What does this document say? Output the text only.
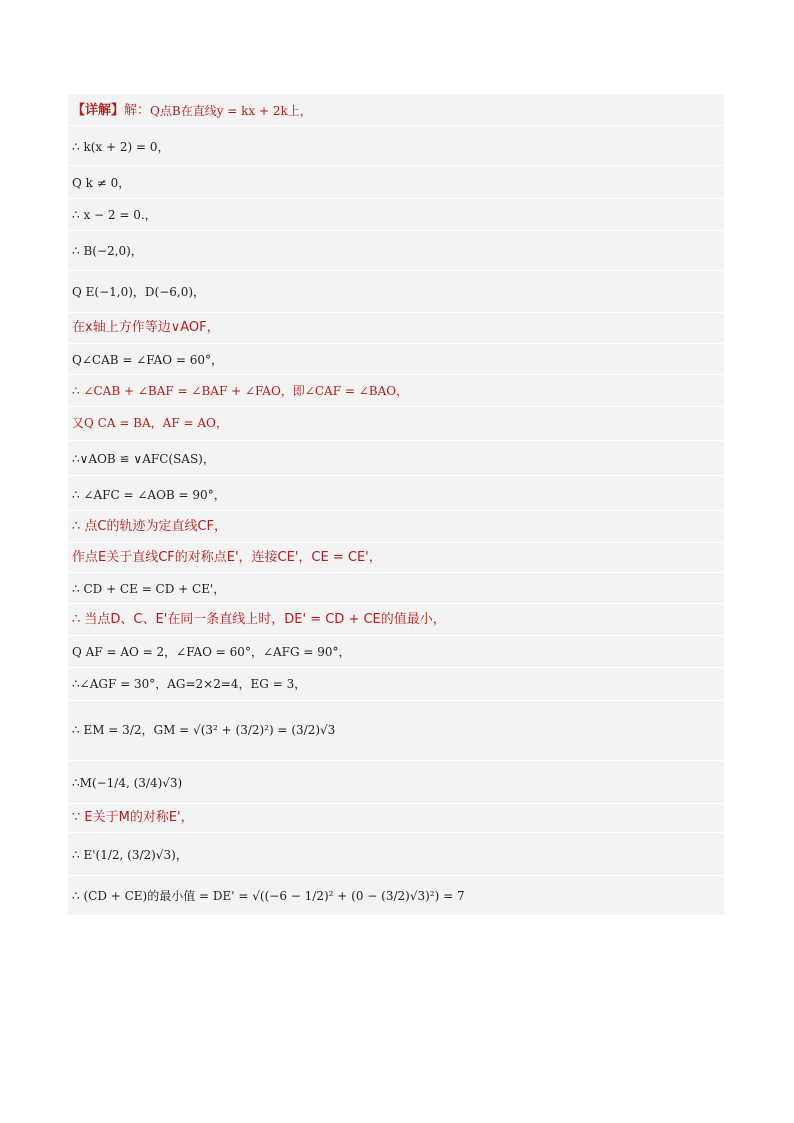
【详解】 解： Q点B在直线y = kx + 2k上，
∴ k(x + 2) = 0，
Q k ≠ 0，
∴ x − 2 = 0.，
∴ B(−2,0)，
Q E(−1,0)，D(−6,0)，
在x轴上方作等边∨AOF，
Q∠CAB = ∠FAO = 60°，
∴ ∠CAB + ∠BAF = ∠BAF + ∠FAO，即∠CAF = ∠BAO，
又Q CA = BA，AF = AO，
∴∨AOB ≌ ∨AFC(SAS)，
∴ ∠AFC = ∠AOB = 90°，
∴ 点C的轨迹为定直线CF，
作点E关于直线CF的对称点E'，连接CE'，CE = CE'，
∴ CD + CE = CD + CE'，
∴ 当点D、C、E'在同一条直线上时，DE' = CD + CE的值最小，
Q AF = AO = 2，∠FAO = 60°，∠AFG = 90°，
∴∠AGF = 30°，AG=2×2=4，EG = 3，
∴ EM = 3/2，GM = √(3² + (3/2)²) = (3/2)√3
∴M(−1/4, (3/4)√3)
∵ E关于M的对称E'，
∴ E'(1/2, (3/2)√3)，
∴ (CD + CE)的最小值 = DE' = √((−6 − 1/2)² + (0 − (3/2)√3)²) = 7
